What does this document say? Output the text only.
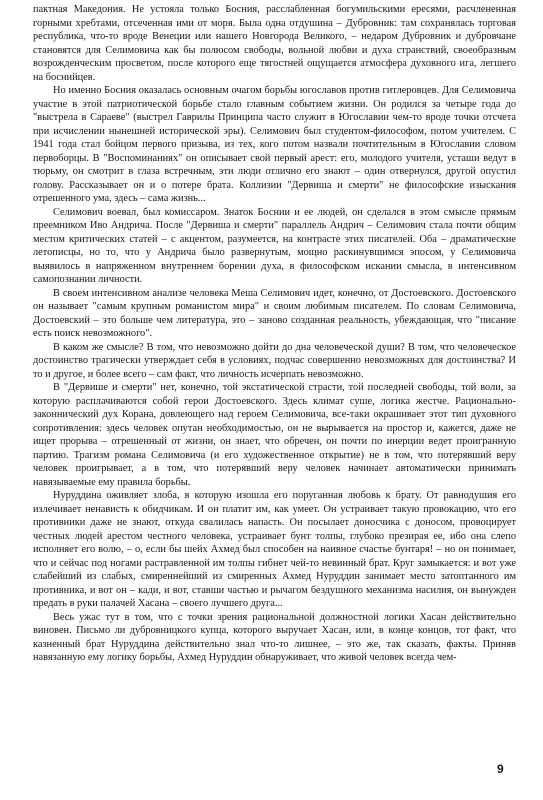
пактная Македония. Не устояла только Босния, расслабленная богумильскими ересями, расчлененная горными хребтами, отсеченная ими от моря. Была одна отдушина – Дубровник: там сохранялась торговая республика, что-то вроде Венеции или нашего Новгорода Великого, – недаром Дубровник и дубровчане становятся для Селимовича как бы полюсом свободы, вольной любви и духа странствий, своеобразным возрожденческим просветом, после которого еще тягостней ощущается атмосфера духовного ига, легшего на боснийцев.

Но именно Босния оказалась основным очагом борьбы югославов против гитлеровцев. Для Селимовича участие в этой патриотической борьбе стало главным событием жизни. Он родился за четыре года до "выстрела в Сараеве" (выстрел Гаврилы Принципа часто служит в Югославии чем-то вроде точки отсчета при исчислении нынешней исторической эры). Селимович был студентом-философом, потом учителем. С 1941 года стал бойцом первого призыва, из тех, кого потом назвали почтительным в Югославии словом первоборцы. В "Воспоминаниях" он описывает свой первый арест: его, молодого учителя, усташи ведут в тюрьму, он смотрит в глаза встречным, эти люди отлично его знают – один отвернулся, другой опустил голову. Рассказывает он и о потере брата. Коллизии "Дервиша и смерти" не философские изыскания отрешенного ума, здесь – сама жизнь...

Селимович воевал, был комиссаром. Знаток Боснии и ее людей, он сделался в этом смысле прямым преемником Иво Андрича. После "Дервиша и смерти" параллель Андрич – Селимович стала почти общим местом критических статей – с акцентом, разумеется, на контрасте этих писателей. Оба – драматические летописцы, но то, что у Андрича было развернутым, мощно раскинувшимся эпосом, у Селимовича выявилось в напряженном внутреннем борении духа, в философском искании смысла, в интенсивном самопознании личности.

В своем интенсивном анализе человека Меша Селимович идет, конечно, от Достоевского. Достоевского он называет "самым крупным романистом мира" и своим любимым писателем. По словам Селимовича, Достоевский – это больше чем литература, это – заново созданная реальность, убеждающая, что "писание есть поиск невозможного".

В каком же смысле? В том, что невозможно дойти до дна человеческой души? В том, что человеческое достоинство трагически утверждает себя в условиях, подчас совершенно невозможных для достоинства? И то и другое, и более всего – сам факт, что личность исчерпать невозможно.

В "Дервише и смерти" нет, конечно, той экстатической страсти, той последней свободы, той воли, за которую расплачиваются собой герои Достоевского. Здесь климат суше, логика жестче. Рационально-законнический дух Корана, довлеющего над героем Селимовича, все-таки окрашивает этот тип духовного сопротивления: здесь человек опутан необходимостью, он не вырывается на простор и, кажется, даже не ищет прорыва – отрешенный от жизни, он знает, что обречен, он почти по инерции ведет проигранную партию. Трагизм романа Селимовича (и его художественное открытие) не в том, что потерявший веру человек проигрывает, а в том, что потерявший веру человек начинает автоматически принимать навязываемые ему правила борьбы.

Нуруддина оживляет злоба, в которую изошла его поруганная любовь к брату. От равнодушия его излечивает ненависть к обидчикам. И он платит им, как умеет. Он устраивает такую провокацию, что его противники даже не знают, откуда свалилась напасть. Он посылает доносчика с доносом, провоцирует честных людей арестом честного человека, устраивает бунт толпы, глубоко презирая ее, ибо она слепо исполняет его волю, – о, если бы шейх Ахмед был способен на наивное счастье бунтаря! – но он понимает, что и сейчас под ногами растравленной им толпы гибнет чей-то невинный брат. Круг замыкается: и вот уже слабейший из слабых, смиреннейший из смиренных Ахмед Нуруддин занимает место затоптанного им противника, и вот он – кади, и вот, ставши частью и рычагом бездушного механизма насилия, он вынужден предать в руки палачей Хасана – своего лучшего друга...

Весь ужас тут в том, что с точки зрения рациональной должностной логики Хасан действительно виновен. Письмо ли дубровницкого купца, которого выручает Хасан, или, в конце концов, тот факт, что казненный брат Нуруддина действительно знал что-то лишнее, – это же, так сказать, факты. Приняв навязанную ему логику борьбы, Ахмед Нуруддин обнаруживает, что живой человек всегда чем-

9
